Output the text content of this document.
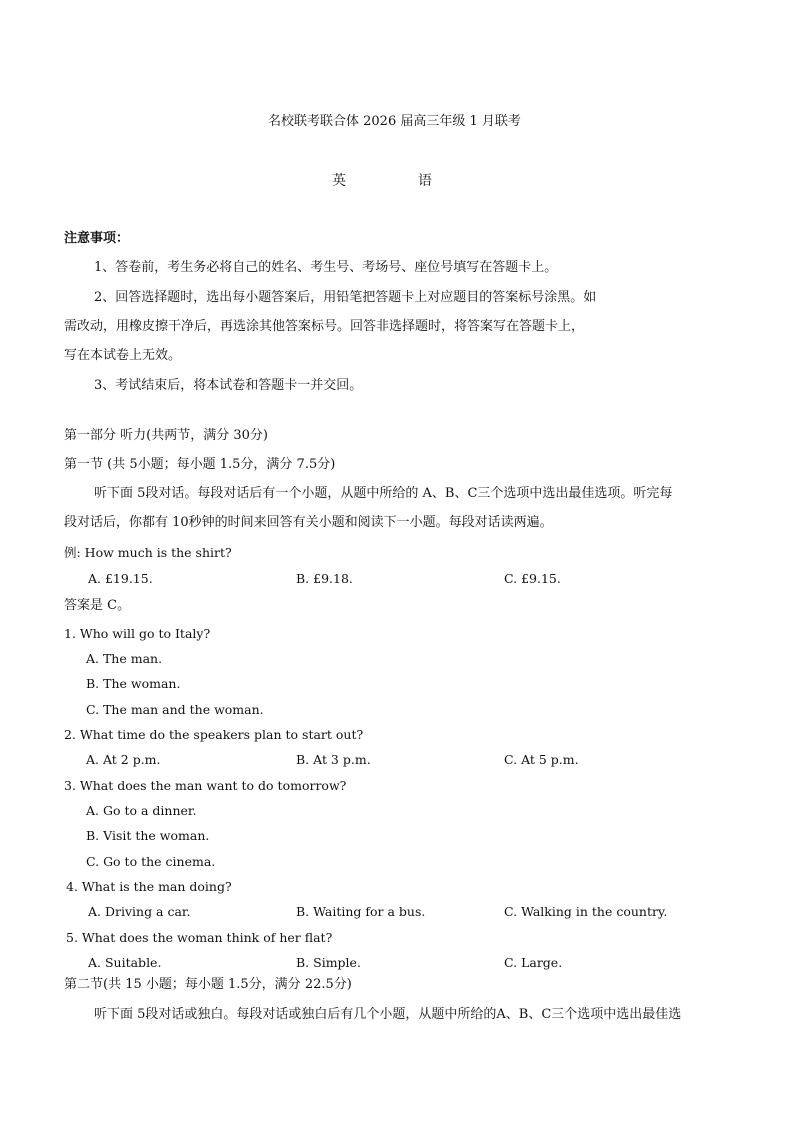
名校联考联合体 2026 届高三年级 1 月联考
英	语
注意事项：
1、答卷前，考生务必将自己的姓名、考生号、考场号、座位号填写在答题卡上。
2、回答选择题时，选出每小题答案后，用铅笔把答题卡上对应题目的答案标号涂黑。如
需改动，用橡皮擦干净后，再选涂其他答案标号。回答非选择题时，将答案写在答题卡上，
写在本试卷上无效。
3、考试结束后，将本试卷和答题卡一并交回。
第一部分 听力(共两节，满分 30分)
第一节 (共 5小题；每小题 1.5分，满分 7.5分)
听下面 5段对话。每段对话后有一个小题，从题中所给的 A、B、C三个选项中选出最佳选项。听完每
段对话后，你都有 10秒钟的时间来回答有关小题和阅读下一小题。每段对话读两遍。
例: How much is the shirt?
A. £19.15.	B. £9.18.	C. £9.15.
答案是 C。
1. Who will go to Italy?
A. The man.
B. The woman.
C. The man and the woman.
2. What time do the speakers plan to start out?
A. At 2 p.m.	B. At 3 p.m.	C. At 5 p.m.
3. What does the man want to do tomorrow?
A. Go to a dinner.
B. Visit the woman.
C. Go to the cinema.
4. What is the man doing?
A. Driving a car.	B. Waiting for a bus.	C. Walking in the country.
5. What does the woman think of her flat?
A. Suitable.	B. Simple.	C. Large.
第二节(共 15 小题；每小题 1.5分，满分 22.5分)
听下面 5段对话或独白。每段对话或独白后有几个小题，从题中所给的A、B、C三个选项中选出最佳选
